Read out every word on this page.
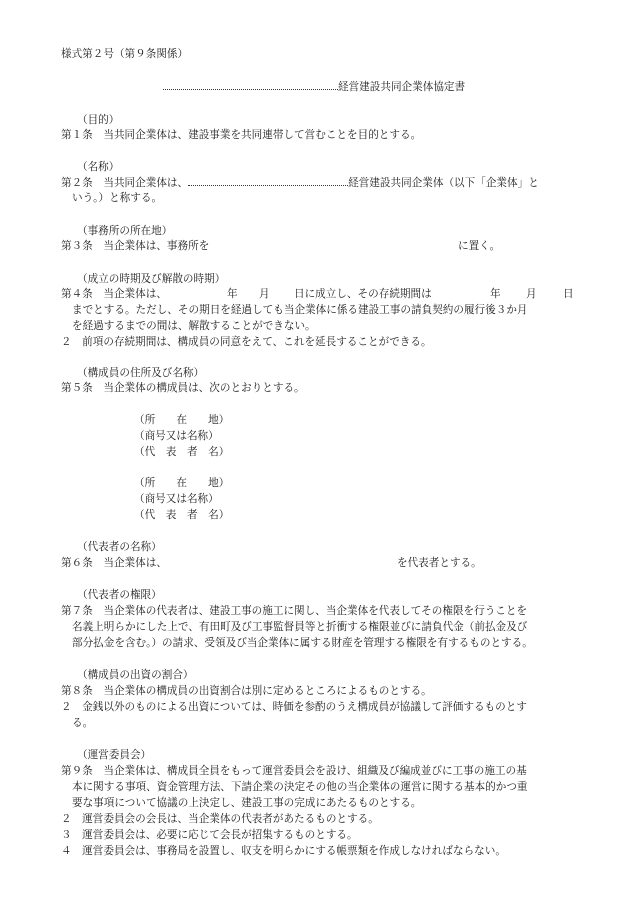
様式第２号（第９条関係）
経営建設共同企業体協定書
（目的）
第１条　当共同企業体は、建設事業を共同連帯して営むことを目的とする。
（名称）
第２条　当共同企業体は、	経営建設共同企業体（以下「企業体」と
いう。）と称する。
（事務所の所在地）
第３条　当企業体は、事務所を	に置く。
（成立の時期及び解散の時期）
第４条　当企業体は、	年 月 日に成立し、その存続期間は	年 月 日
までとする。ただし、その期日を経過しても当企業体に係る建設工事の請負契約の履行後３か月
を経過するまでの間は、解散することができない。
２　前項の存続期間は、構成員の同意をえて、これを延長することができる。
（構成員の住所及び名称）
第５条　当企業体の構成員は、次のとおりとする。
（所　　在　　地）
（商号又は名称）
（代　表　者　名）
（所　　在　　地）
（商号又は名称）
（代　表　者　名）
（代表者の名称）
第６条　当企業体は、	を代表者とする。
（代表者の権限）
第７条　当企業体の代表者は、建設工事の施工に関し、当企業体を代表してその権限を行うことを
名義上明らかにした上で、有田町及び工事監督員等と折衝する権限並びに請負代金（前払金及び
部分払金を含む。）の請求、受領及び当企業体に属する財産を管理する権限を有するものとする。
（構成員の出資の割合）
第８条　当企業体の構成員の出資割合は別に定めるところによるものとする。
２　金銭以外のものによる出資については、時価を参酌のうえ構成員が協議して評価するものとす
る。
（運営委員会）
第９条　当企業体は、構成員全員をもって運営委員会を設け、組織及び編成並びに工事の施工の基
本に関する事項、資金管理方法、下請企業の決定その他の当企業体の運営に関する基本的かつ重
要な事項について協議の上決定し、建設工事の完成にあたるものとする。
２　運営委員会の会長は、当企業体の代表者があたるものとする。
３　運営委員会は、必要に応じて会長が招集するものとする。
４　運営委員会は、事務局を設置し、収支を明らかにする帳票類を作成しなければならない。
